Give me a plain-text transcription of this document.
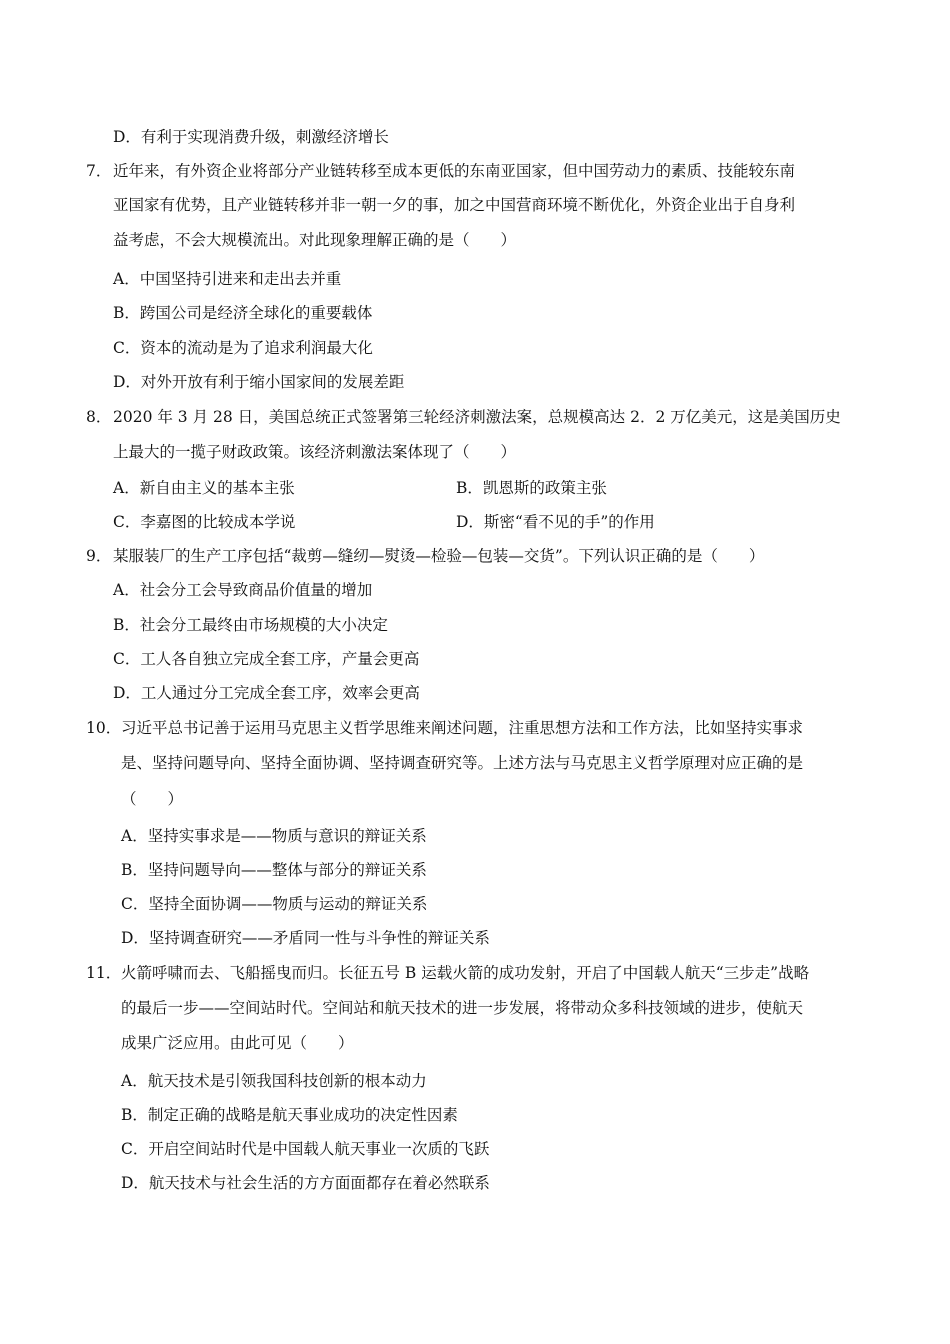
D．有利于实现消费升级，刺激经济增长
7． 近年来，有外资企业将部分产业链转移至成本更低的东南亚国家，但中国劳动力的素质、技能较东南
亚国家有优势，且产业链转移并非一朝一夕的事，加之中国营商环境不断优化，外资企业出于自身利
益考虑，不会大规模流出。对此现象理解正确的是（　　）
A．中国坚持引进来和走出去并重
B．跨国公司是经济全球化的重要载体
C．资本的流动是为了追求利润最大化
D．对外开放有利于缩小国家间的发展差距
8． 2020 年 3 月 28 日，美国总统正式签署第三轮经济刺激法案，总规模高达 2．2 万亿美元，这是美国历史
上最大的一揽子财政政策。该经济刺激法案体现了（　　）
A．新自由主义的基本主张	B．凯恩斯的政策主张
C．李嘉图的比较成本学说	D．斯密“看不见的手”的作用
9． 某服装厂的生产工序包括“裁剪—缝纫—熨烫—检验—包装—交货”。下列认识正确的是（　　）
A．社会分工会导致商品价值量的增加
B．社会分工最终由市场规模的大小决定
C．工人各自独立完成全套工序，产量会更高
D．工人通过分工完成全套工序，效率会更高
10． 习近平总书记善于运用马克思主义哲学思维来阐述问题，注重思想方法和工作方法，比如坚持实事求
是、坚持问题导向、坚持全面协调、坚持调查研究等。上述方法与马克思主义哲学原理对应正确的是
（　　）
A．坚持实事求是——物质与意识的辩证关系
B．坚持问题导向——整体与部分的辩证关系
C．坚持全面协调——物质与运动的辩证关系
D．坚持调查研究——矛盾同一性与斗争性的辩证关系
11． 火箭呼啸而去、飞船摇曳而归。长征五号 B 运载火箭的成功发射，开启了中国载人航天“三步走”战略
的最后一步——空间站时代。空间站和航天技术的进一步发展，将带动众多科技领域的进步，使航天
成果广泛应用。由此可见（　　）
A．航天技术是引领我国科技创新的根本动力
B．制定正确的战略是航天事业成功的决定性因素
C．开启空间站时代是中国载人航天事业一次质的飞跃
D．航天技术与社会生活的方方面面都存在着必然联系
